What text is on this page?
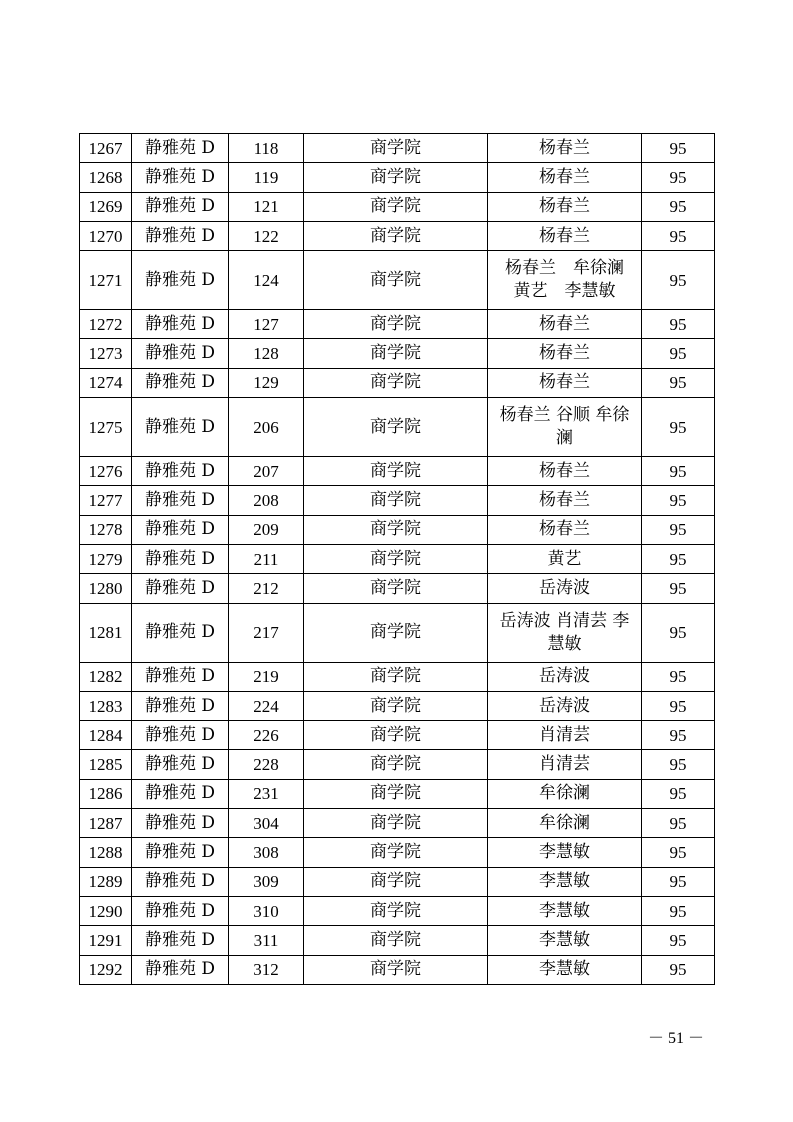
1267	静雅苑 D	118	商学院	杨春兰	95
1268	静雅苑 D	119	商学院	杨春兰	95
1269	静雅苑 D	121	商学院	杨春兰	95
1270	静雅苑 D	122	商学院	杨春兰	95
1271	静雅苑 D	124	商学院	杨春兰　牟徐澜　黄艺　李慧敏	95
1272	静雅苑 D	127	商学院	杨春兰	95
1273	静雅苑 D	128	商学院	杨春兰	95
1274	静雅苑 D	129	商学院	杨春兰	95
1275	静雅苑 D	206	商学院	杨春兰 谷顺 牟徐澜	95
1276	静雅苑 D	207	商学院	杨春兰	95
1277	静雅苑 D	208	商学院	杨春兰	95
1278	静雅苑 D	209	商学院	杨春兰	95
1279	静雅苑 D	211	商学院	黄艺	95
1280	静雅苑 D	212	商学院	岳涛波	95
1281	静雅苑 D	217	商学院	岳涛波 肖清芸 李慧敏	95
1282	静雅苑 D	219	商学院	岳涛波	95
1283	静雅苑 D	224	商学院	岳涛波	95
1284	静雅苑 D	226	商学院	肖清芸	95
1285	静雅苑 D	228	商学院	肖清芸	95
1286	静雅苑 D	231	商学院	牟徐澜	95
1287	静雅苑 D	304	商学院	牟徐澜	95
1288	静雅苑 D	308	商学院	李慧敏	95
1289	静雅苑 D	309	商学院	李慧敏	95
1290	静雅苑 D	310	商学院	李慧敏	95
1291	静雅苑 D	311	商学院	李慧敏	95
1292	静雅苑 D	312	商学院	李慧敏	95
－ 51 －
